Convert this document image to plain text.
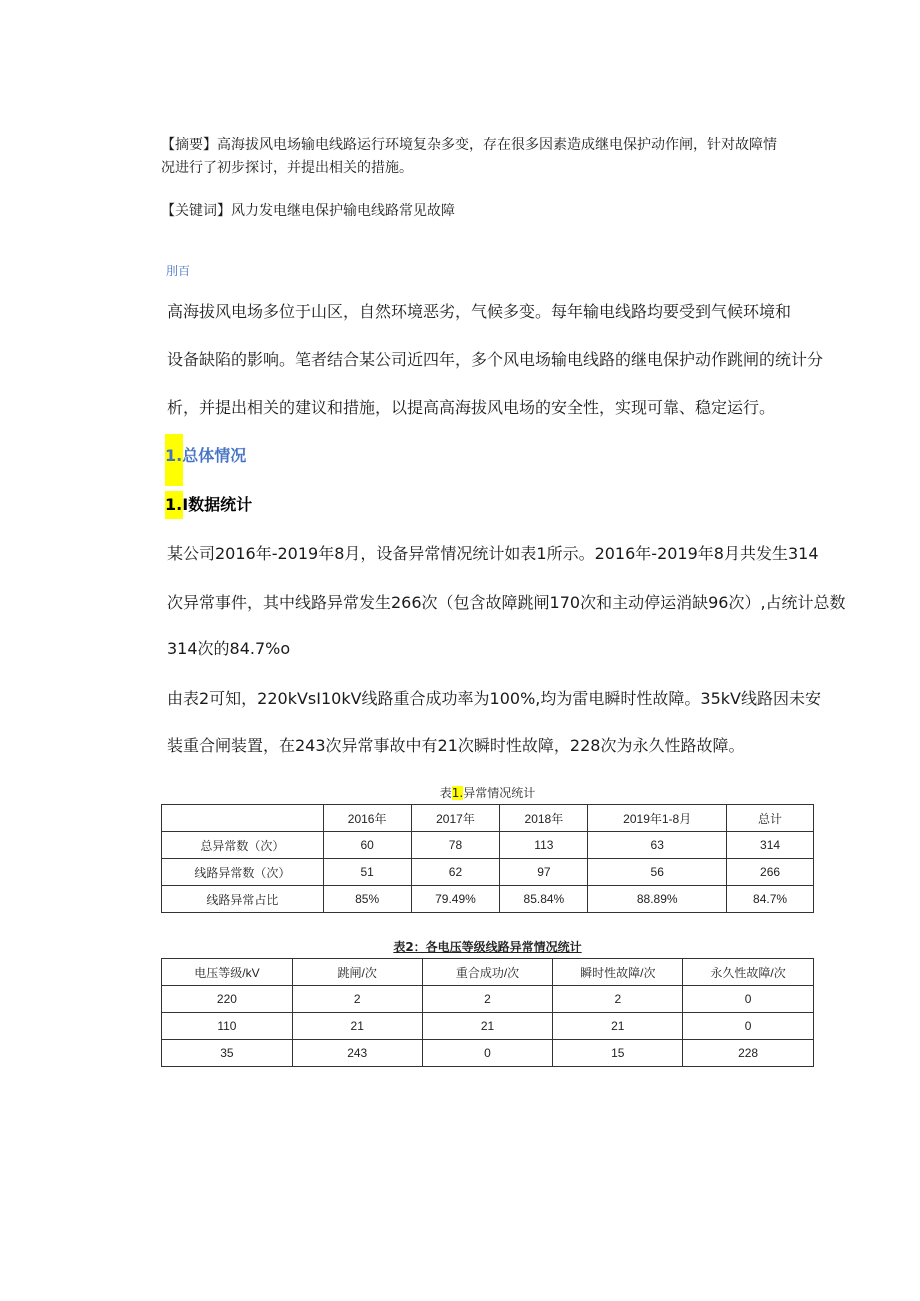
【摘要】高海拔风电场输电线路运行环境复杂多变，存在很多因素造成继电保护动作闸，针对故障情
况进行了初步探讨，并提出相关的措施。
【关键词】风力发电继电保护输电线路常见故障
刖百
高海拔风电场多位于山区，自然环境恶劣，气候多变。每年输电线路均要受到气候环境和
设备缺陷的影响。笔者结合某公司近四年，多个风电场输电线路的继电保护动作跳闸的统计分
析，并提出相关的建议和措施，以提高高海拔风电场的安全性，实现可靠、稳定运行。
1.总体情况
1.I数据统计
某公司2016年-2019年8月，设备异常情况统计如表1所示。2016年-2019年8月共发生314
次异常事件，其中线路异常发生266次（包含故障跳闸170次和主动停运消缺96次）,占统计总数
314次的84.7%o
由表2可知，220kVsI10kV线路重合成功率为100%,均为雷电瞬时性故障。35kV线路因未安
装重合闸装置，在243次异常事故中有21次瞬时性故障，228次为永久性路故障。
表1.异常情况统计
	2016年	2017年	2018年	2019年1-8月	总计
总异常数（次）	60	78	113	63	314
线路异常数（次）	51	62	97	56	266
线路异常占比	85%	79.49%	85.84%	88.89%	84.7%
表2：各电压等级线路异常情况统计
电压等级/kV	跳闸/次	重合成功/次	瞬时性故障/次	永久性故障/次
220	2	2	2	0
110	21	21	21	0
35	243	0	15	228
